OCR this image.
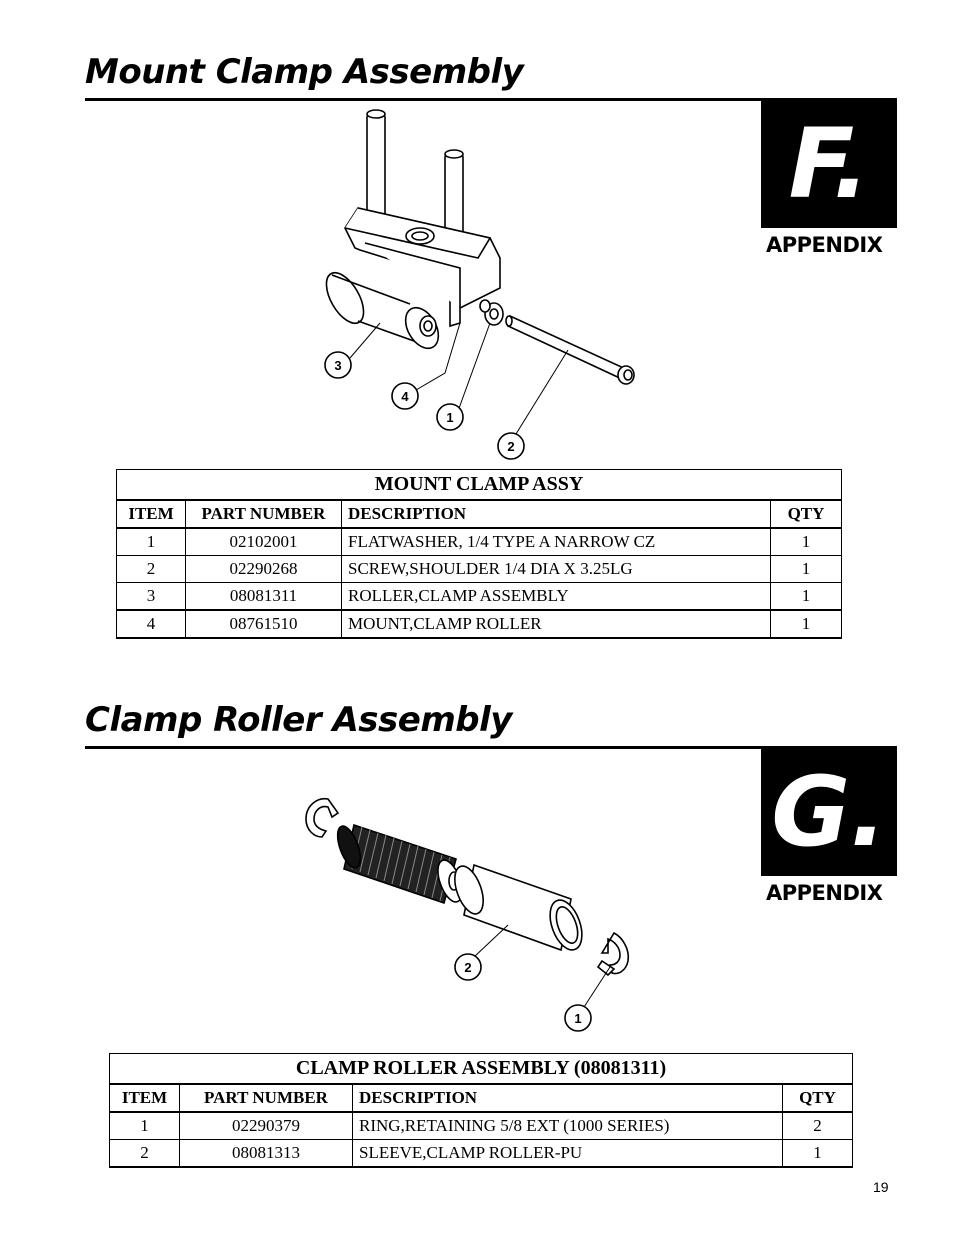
Mount Clamp Assembly
F.
APPENDIX
3
4
1
2
MOUNT CLAMP ASSY			
ITEM	PART NUMBER	DESCRIPTION	QTY
1	02102001	FLATWASHER, 1/4 TYPE A NARROW CZ	1
2	02290268	SCREW,SHOULDER 1/4 DIA X 3.25LG	1
3	08081311	ROLLER,CLAMP ASSEMBLY	1
4	08761510	MOUNT,CLAMP ROLLER	1
Clamp Roller Assembly
G.
APPENDIX
2
1
CLAMP ROLLER ASSEMBLY (08081311)			
ITEM	PART NUMBER	DESCRIPTION	QTY
1	02290379	RING,RETAINING 5/8 EXT (1000 SERIES)	2
2	08081313	SLEEVE,CLAMP ROLLER-PU	1
19
